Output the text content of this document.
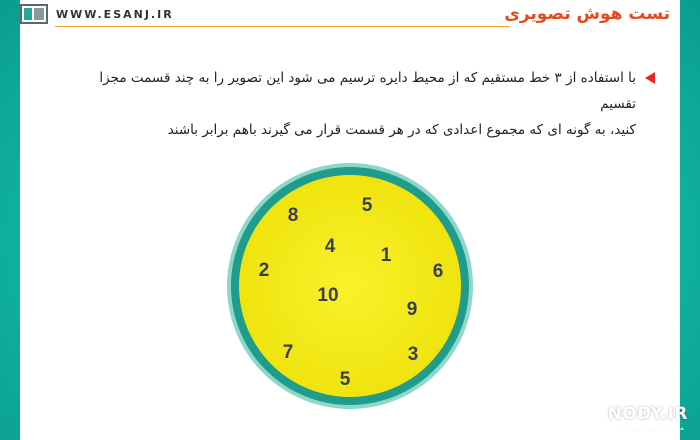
WWW.ESANJ.IR	تست هوش تصویری
با استفاده از ۳ خط مستقیم که از محیط دایره ترسیم می شود این تصویر را به چند قسمت مجزا تقسیم
کنید، به گونه ای که مجموع اعدادی که در هر قسمت قرار می گیرند باهم برابر باشند
8	5
4 1
2	6
10
9
7	3
5
NODY.IR
مرجع تصاویر خبری داغ
